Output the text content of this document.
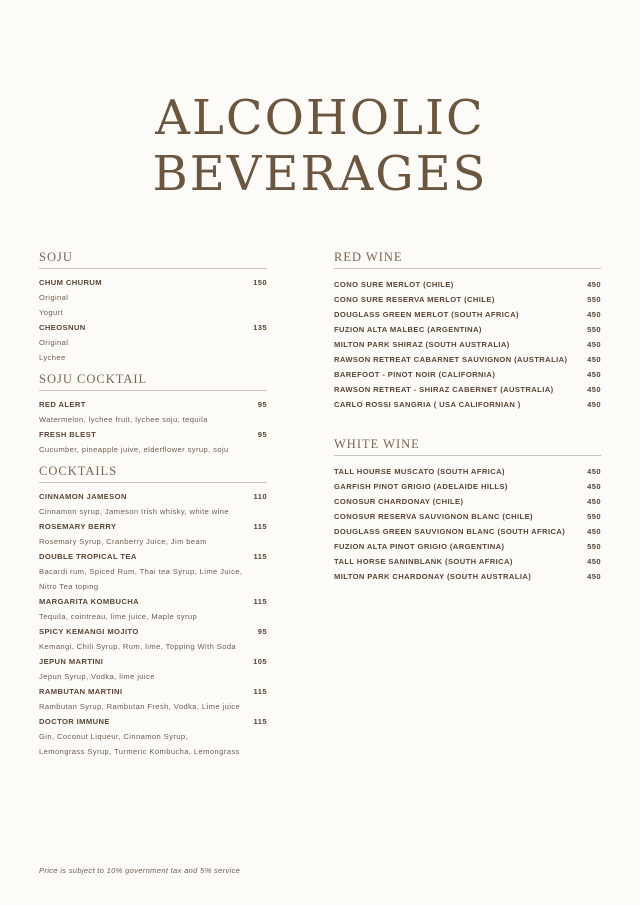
ALCOHOLIC
BEVERAGES
SOJU
CHUM CHURUM	150
Original
Yogurt
CHEOSNUN	135
Original
Lychee
SOJU COCKTAIL
RED ALERT	95
Watermelon, lychee fruit, lychee soju, tequila
FRESH BLEST	95
Cucumber, pineapple juive, elderflower syrup, soju
COCKTAILS
CINNAMON JAMESON	110
Cinnamon syrup, Jameson Irish whisky, white wine
ROSEMARY BERRY	115
Rosemary Syrup, Cranberry Juice, Jim beam
DOUBLE TROPICAL TEA	115
Bacardi rum, Spiced Rum, Thai tea Syrup, Lime Juice,
Nitro Tea toping
MARGARITA KOMBUCHA	115
Tequila, cointreau, lime juice, Maple syrup
SPICY KEMANGI MOJITO	95
Kemangi, Chili Syrup, Rum, lime, Topping With Soda
JEPUN MARTINI	105
Jepun Syrup, Vodka, lime juice
RAMBUTAN MARTINI	115
Rambutan Syrup, Rambutan Fresh, Vodka, Lime juice
DOCTOR IMMUNE	115
Gin, Coconut Liqueur, Cinnamon Syrup,
Lemongrass Syrup, Turmeric Kombucha, Lemongrass
RED WINE
CONO SURE MERLOT (CHILE)	450
CONO SURE RESERVA MERLOT (CHILE)	550
DOUGLASS GREEN MERLOT (SOUTH AFRICA)	450
FUZION ALTA MALBEC (ARGENTINA)	550
MILTON PARK SHIRAZ (SOUTH AUSTRALIA)	450
RAWSON RETREAT CABARNET SAUVIGNON (AUSTRALIA)	450
BAREFOOT - PINOT NOIR (CALIFORNIA)	450
RAWSON RETREAT - SHIRAZ CABERNET (AUSTRALIA)	450
CARLO ROSSI SANGRIA ( USA CALIFORNIAN )	450
WHITE WINE
TALL HOURSE MUSCATO (SOUTH AFRICA)	450
GARFISH PINOT GRIGIO (ADELAIDE HILLS)	450
CONOSUR CHARDONAY (CHILE)	450
CONOSUR RESERVA SAUVIGNON BLANC (CHILE)	550
DOUGLASS GREEN SAUVIGNON BLANC (SOUTH AFRICA)	450
FUZION ALTA PINOT GRIGIO (ARGENTINA)	550
TALL HORSE SANINBLANK (SOUTH AFRICA)	450
MILTON PARK CHARDONAY (SOUTH AUSTRALIA)	450
Price is subject to 10% government tax and 5% service
